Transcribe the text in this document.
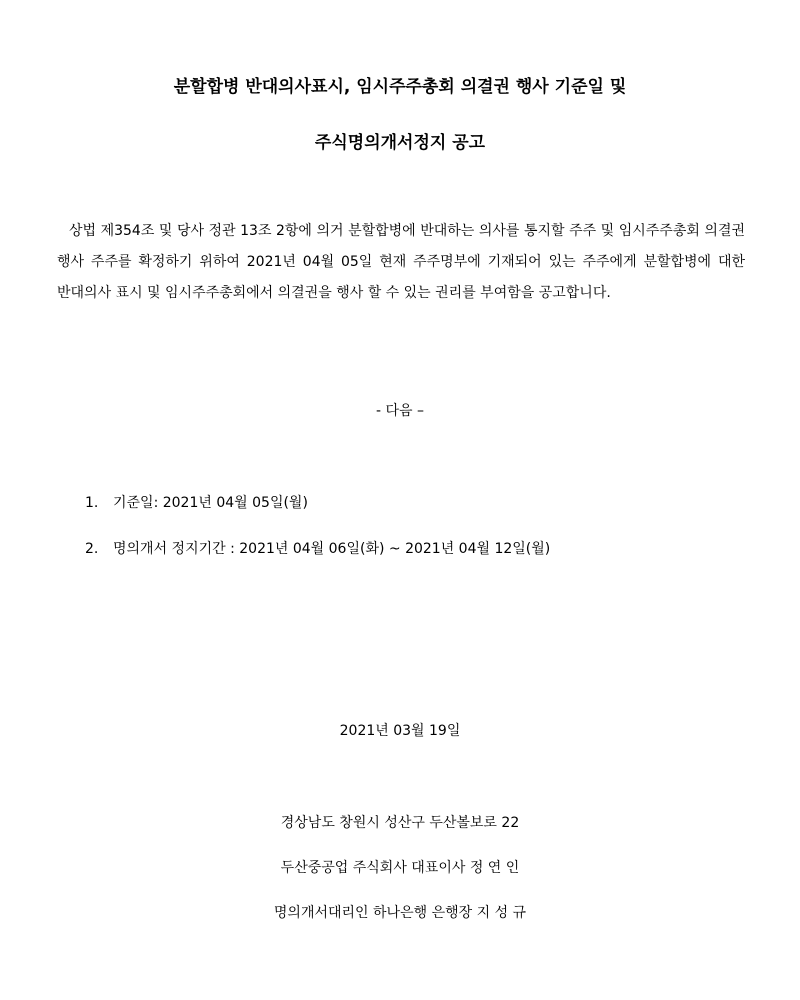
분할합병 반대의사표시, 임시주주총회 의결권 행사 기준일 및
주식명의개서정지 공고

상법 제354조 및 당사 정관 13조 2항에 의거 분할합병에 반대하는 의사를 통지할 주주 및 임시주주총회 의결권 행사 주주를 확정하기 위하여 2021년 04월 05일 현재 주주명부에 기재되어 있는 주주에게 분할합병에 대한 반대의사 표시 및 임시주주총회에서 의결권을 행사 할 수 있는 권리를 부여함을 공고합니다.

- 다음 –
1. 기준일: 2021년 04월 05일(월)
2. 명의개서 정지기간 : 2021년 04월 06일(화) ~ 2021년 04월 12일(월)
2021년 03월 19일
경상남도 창원시 성산구 두산볼보로 22
두산중공업 주식회사 대표이사 정 연 인
명의개서대리인 하나은행 은행장 지 성 규
